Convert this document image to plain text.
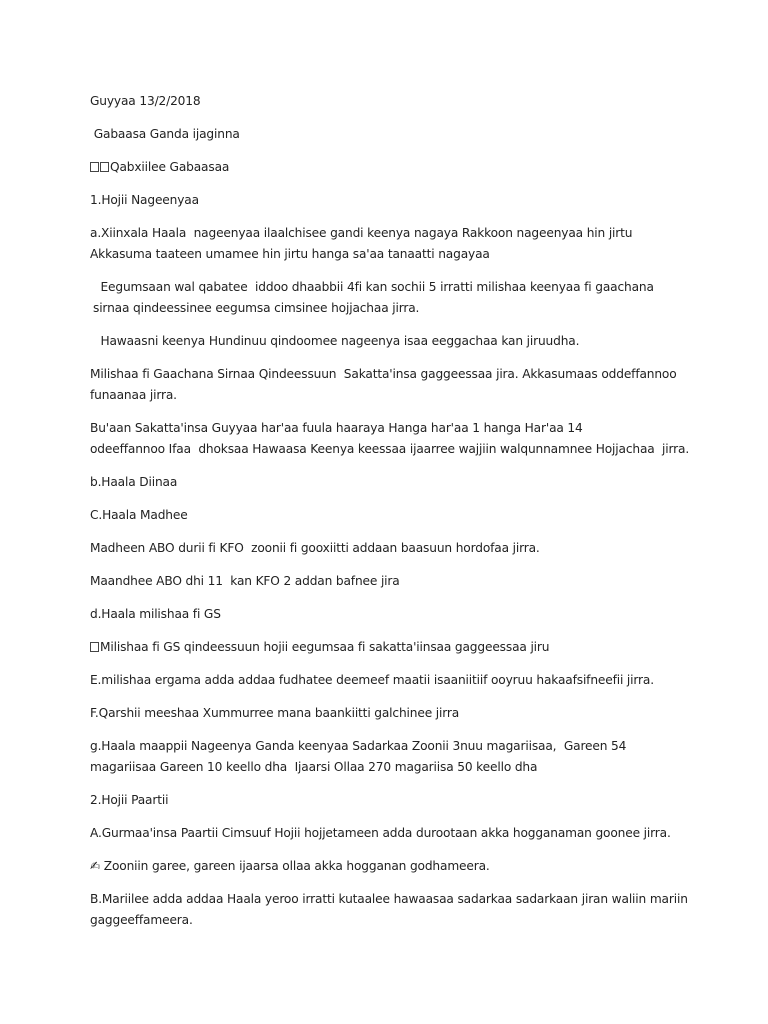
Guyyaa 13/2/2018

Gabaasa Ganda ijaginna

Qabxiilee Gabaasaa

1.Hojii Nageenyaa

a.Xiinxala Haala  nageenyaa ilaalchisee gandi keenya nagaya Rakkoon nageenyaa hin jirtu Akkasuma taateen umamee hin jirtu hanga sa'aa tanaatti nagayaa

Eegumsaan wal qabatee  iddoo dhaabbii 4fi kan sochii 5 irratti milishaa keenyaa fi gaachana sirnaa qindeessinee eegumsa cimsinee hojjachaa jirra.

Hawaasni keenya Hundinuu qindoomee nageenya isaa eeggachaa kan jiruudha.

Milishaa fi Gaachana Sirnaa Qindeessuun  Sakatta'insa gaggeessaa jira. Akkasumaas oddeffannoo funaanaa jirra.

Bu'aan Sakatta'insa Guyyaa har'aa fuula haaraya Hanga har'aa 1 hanga Har'aa 14
odeeffannoo Ifaa  dhoksaa Hawaasa Keenya keessaa ijaarree wajjiin walqunnamnee Hojjachaa  jirra.

b.Haala Diinaa

C.Haala Madhee

Madheen ABO durii fi KFO  zoonii fi gooxiitti addaan baasuun hordofaa jirra.

Maandhee ABO dhi 11  kan KFO 2 addan bafnee jira

d.Haala milishaa fi GS

Milishaa fi GS qindeessuun hojii eegumsaa fi sakatta'iinsaa gaggeessaa jiru

E.milishaa ergama adda addaa fudhatee deemeef maatii isaaniitiif ooyruu hakaafsifneefii jirra.

F.Qarshii meeshaa Xummurree mana baankiitti galchinee jirra

g.Haala maappii Nageenya Ganda keenyaa Sadarkaa Zoonii 3nuu magariisaa,  Gareen 54 magariisaa Gareen 10 keello dha  Ijaarsi Ollaa 270 magariisa 50 keello dha

2.Hojii Paartii

A.Gurmaa'insa Paartii Cimsuuf Hojii hojjetameen adda durootaan akka hogganaman goonee jirra.

✍ Zooniin garee, gareen ijaarsa ollaa akka hogganan godhameera.

B.Mariilee adda addaa Haala yeroo irratti kutaalee hawaasaa sadarkaa sadarkaan jiran waliin mariin gaggeeffameera.
